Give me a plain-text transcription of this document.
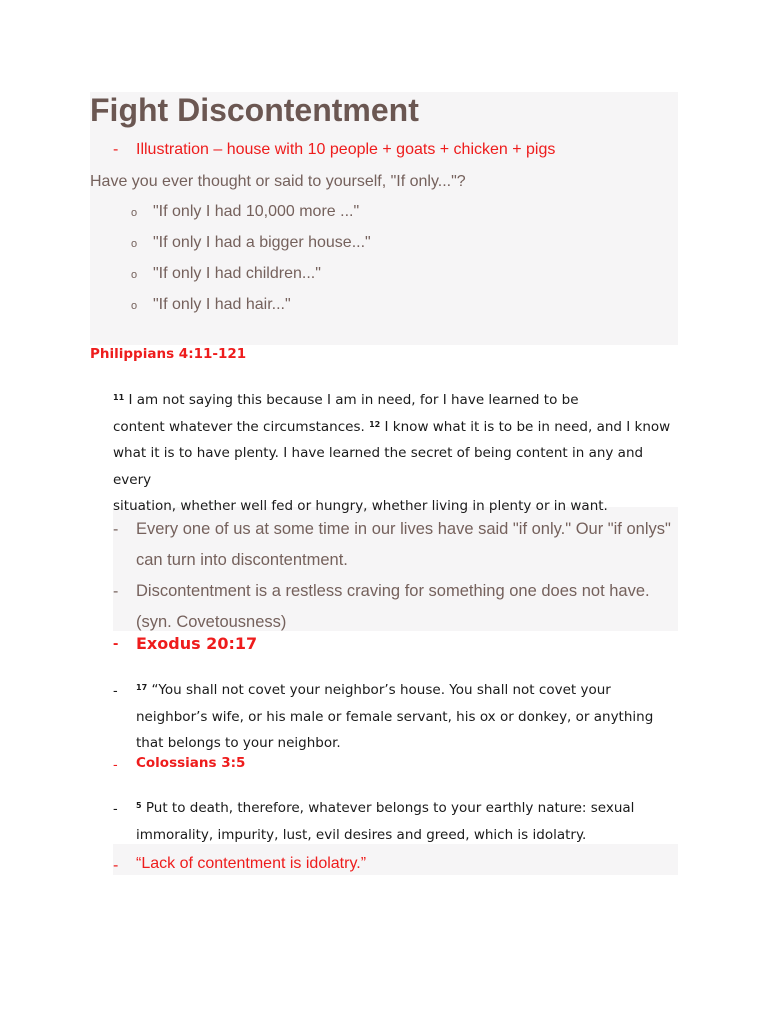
Fight Discontentment
- Illustration – house with 10 people + goats + chicken + pigs
Have you ever thought or said to yourself, "If only..."?
o "If only I had 10,000 more ..."
o "If only I had a bigger house..."
o "If only I had children..."
o "If only I had hair..."
Philippians 4:11-121
$^{11}$ I am not saying this because I am in need, for I have learned to be
content whatever the circumstances. $^{12}$ I know what it is to be in need, and I know
what it is to have plenty. I have learned the secret of being content in any and every
situation, whether well fed or hungry, whether living in plenty or in want.
- Every one of us at some time in our lives have said "if only." Our "if onlys" can turn into discontentment.
- Discontentment is a restless craving for something one does not have. (syn. Covetousness)
- Exodus 20:17
- $^{17}$ “You shall not covet your neighbor’s house. You shall not covet your neighbor’s wife, or his male or female servant, his ox or donkey, or anything that belongs to your neighbor.
- Colossians 3:5
- $^5$ Put to death, therefore, whatever belongs to your earthly nature: sexual immorality, impurity, lust, evil desires and greed, which is idolatry.
- “Lack of contentment is idolatry.”
